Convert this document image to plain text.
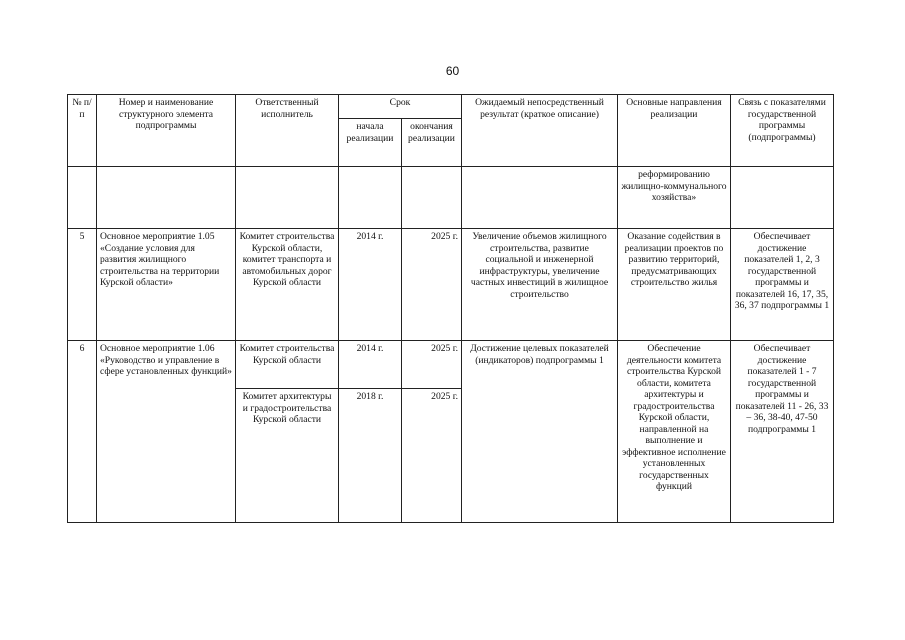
60
№ п/п	Номер и наименование структурного элемента подпрограммы	Ответственный исполнитель	Срок		Ожидаемый непосредственный результат (краткое описание)	Основные направления реализации	Связь с показателями государственной программы (подпрограммы)
			начала реализации	окончания реализации			
						реформированию жилищно-коммунального хозяйства»	
5	Основное мероприятие 1.05 «Создание условия для развития жилищного строительства на территории Курской области»	Комитет строительства Курской области, комитет транспорта и автомобильных дорог Курской области	2014 г.	2025 г.	Увеличение объемов жилищного строительства, развитие социальной и инженерной инфраструктуры, увеличение частных инвестиций в жилищное строительство	Оказание содействия в реализации проектов по развитию территорий, предусматривающих строительство жилья	Обеспечивает достижение показателей 1, 2, 3 государственной программы и показателей 16, 17, 35, 36, 37 подпрограммы 1
6	Основное мероприятие 1.06 «Руководство и управление в сфере установленных функций»	Комитет строительства Курской области	2014 г.	2025 г.	Достижение целевых показателей (индикаторов) подпрограммы 1	Обеспечение деятельности комитета строительства Курской области, комитета архитектуры и градостроительства Курской области, направленной на выполнение и эффективное исполнение установленных государственных функций	Обеспечивает достижение показателей 1 - 7 государственной программы и показателей 11 - 26, 33 – 36, 38-40, 47-50 подпрограммы 1
		Комитет архитектуры и градостроительства Курской области	2018 г.	2025 г.			
